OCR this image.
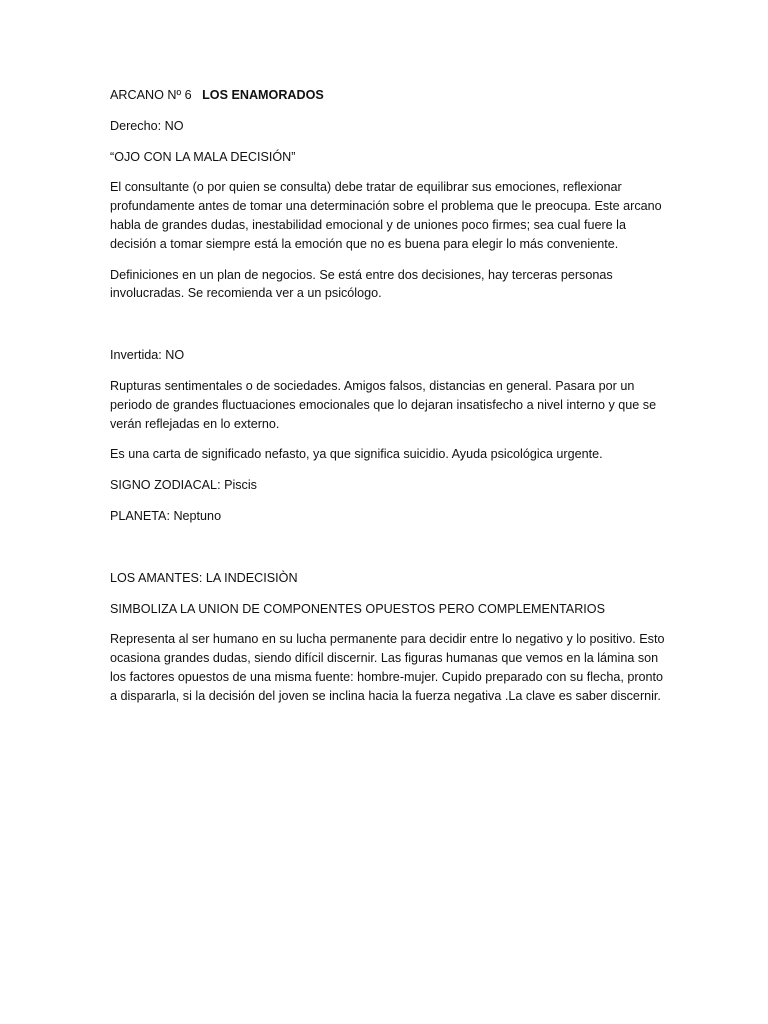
ARCANO Nº 6 LOS ENAMORADOS

Derecho: NO

“OJO CON LA MALA DECISIÓN”

El consultante (o por quien se consulta) debe tratar de equilibrar sus emociones, reflexionar profundamente antes de tomar una determinación sobre el problema que le preocupa. Este arcano habla de grandes dudas, inestabilidad emocional y de uniones poco firmes; sea cual fuere la decisión a tomar siempre está la emoción que no es buena para elegir lo más conveniente.

Definiciones en un plan de negocios. Se está entre dos decisiones, hay terceras personas involucradas. Se recomienda ver a un psicólogo.

Invertida: NO

Rupturas sentimentales o de sociedades. Amigos falsos, distancias en general. Pasara por un periodo de grandes fluctuaciones emocionales que lo dejaran insatisfecho a nivel interno y que se verán reflejadas en lo externo.

Es una carta de significado nefasto, ya que significa suicidio. Ayuda psicológica urgente.

SIGNO ZODIACAL: Piscis

PLANETA: Neptuno

LOS AMANTES: LA INDECISIÒN

SIMBOLIZA LA UNION DE COMPONENTES OPUESTOS PERO COMPLEMENTARIOS

Representa al ser humano en su lucha permanente para decidir entre lo negativo y lo positivo. Esto ocasiona grandes dudas, siendo difícil discernir. Las figuras humanas que vemos en la lámina son los factores opuestos de una misma fuente: hombre-mujer. Cupido preparado con su flecha, pronto a dispararla, si la decisión del joven se inclina hacia la fuerza negativa .La clave es saber discernir.
